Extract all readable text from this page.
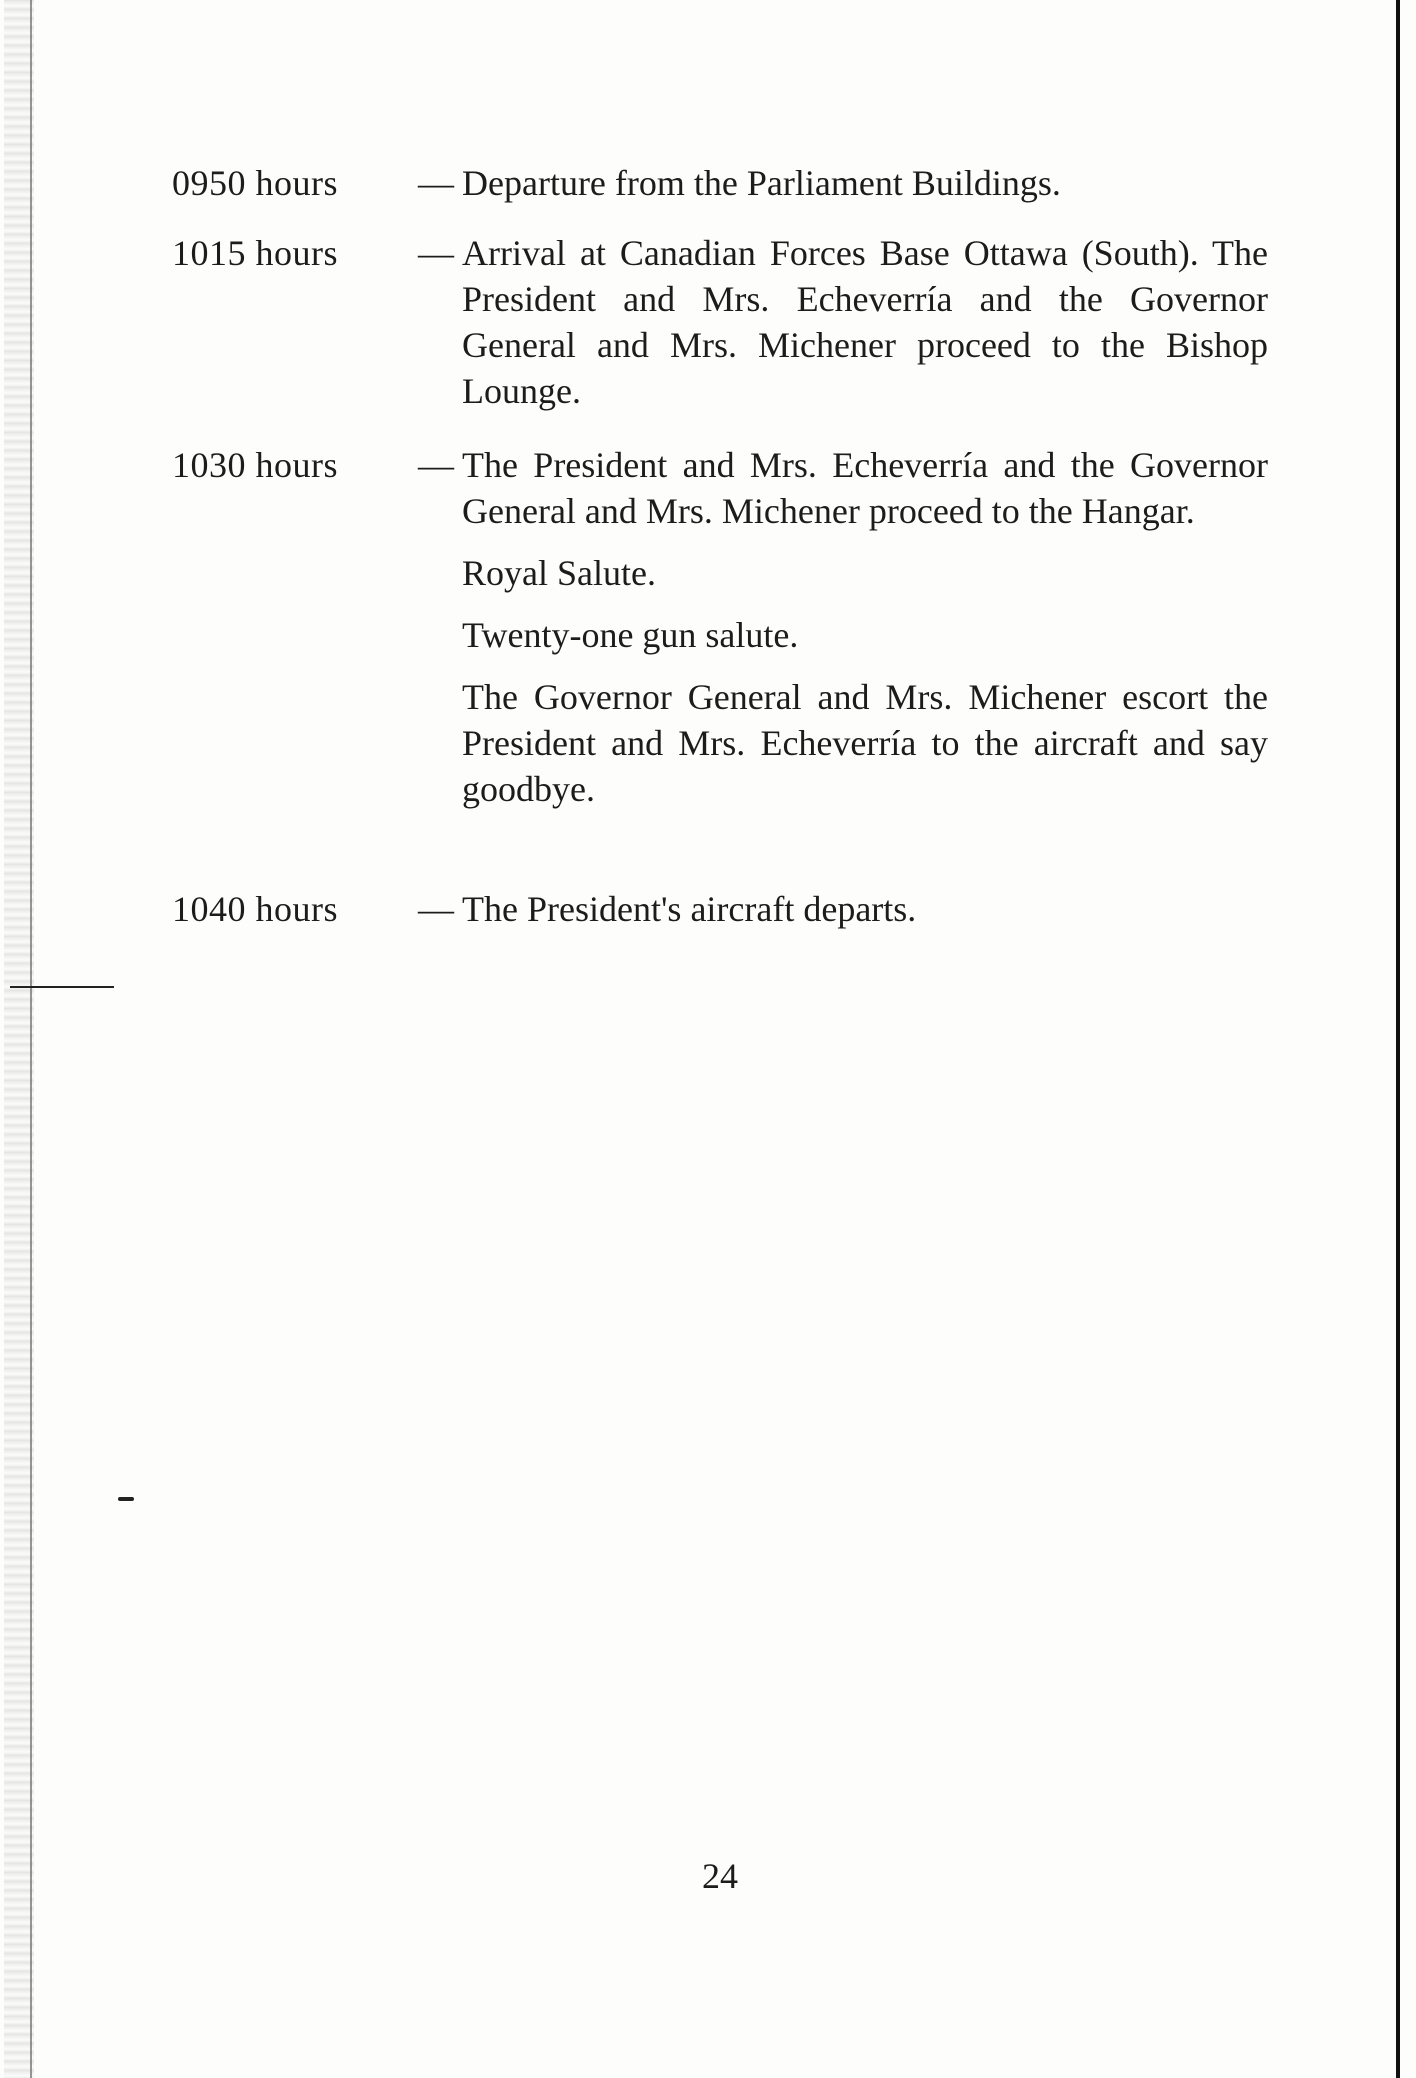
0950 hours	— Departure from the Parliament Buildings.

1015 hours	— Arrival at Canadian Forces Base Ottawa (South). The President and Mrs. Echeverría and the Governor General and Mrs. Michener proceed to the Bishop Lounge.

1030 hours	— The President and Mrs. Echeverría and the Governor General and Mrs. Michener proceed to the Hangar.

Royal Salute.

Twenty-one gun salute.

The Governor General and Mrs. Michener escort the President and Mrs. Echeverría to the aircraft and say goodbye.

1040 hours	— The President's aircraft departs.

24
